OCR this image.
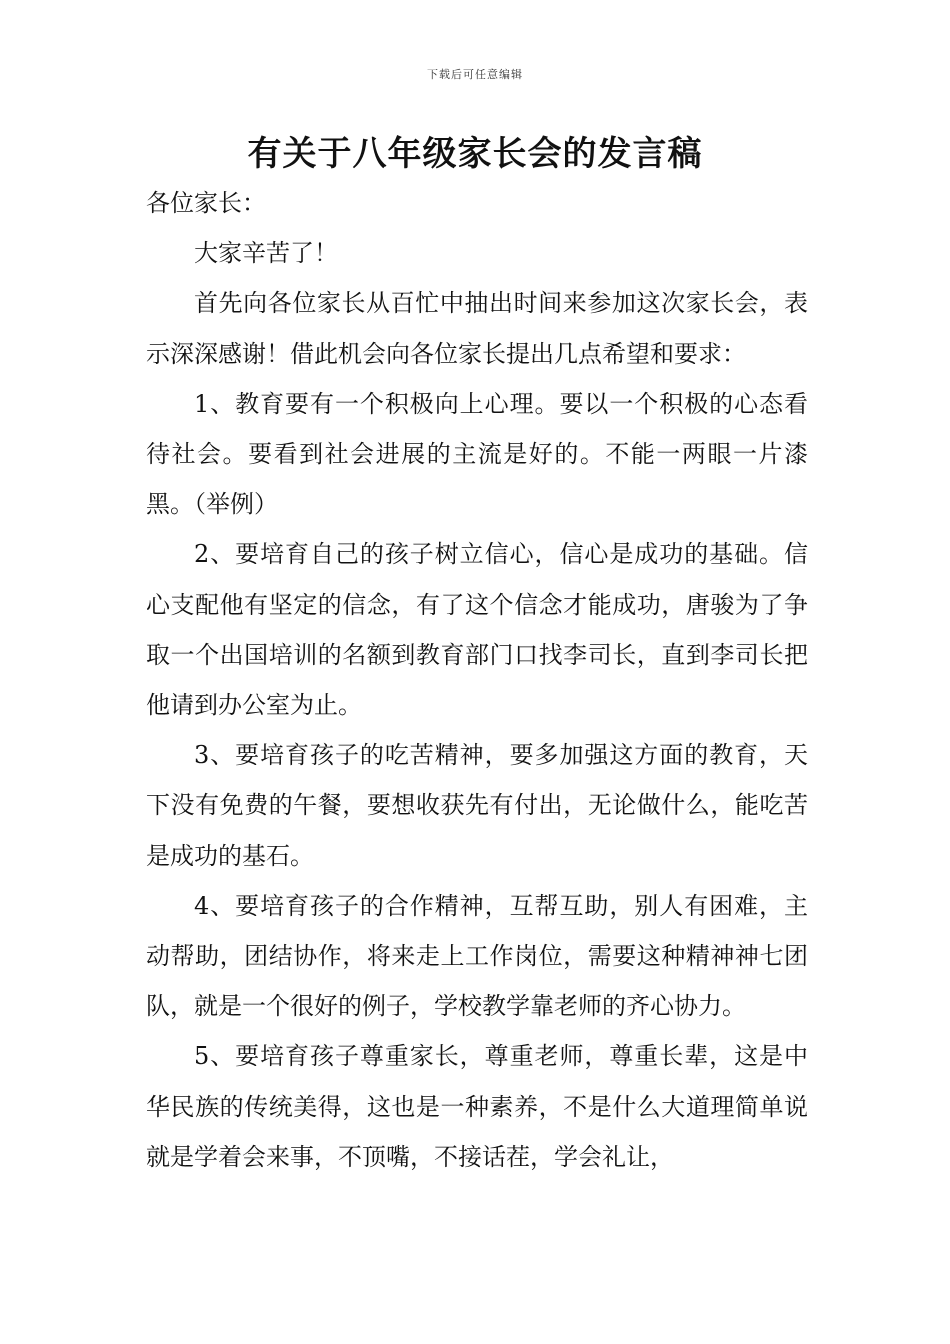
下载后可任意编辑
有关于八年级家长会的发言稿

各位家长：

大家辛苦了！

首先向各位家长从百忙中抽出时间来参加这次家长会，表示深深感谢！借此机会向各位家长提出几点希望和要求：

1、教育要有一个积极向上心理。要以一个积极的心态看待社会。要看到社会进展的主流是好的。不能一两眼一片漆黑。（举例）

2、要培育自己的孩子树立信心，信心是成功的基础。信心支配他有坚定的信念，有了这个信念才能成功，唐骏为了争取一个出国培训的名额到教育部门口找李司长，直到李司长把他请到办公室为止。

3、要培育孩子的吃苦精神，要多加强这方面的教育，天下没有免费的午餐，要想收获先有付出，无论做什么，能吃苦是成功的基石。

4、要培育孩子的合作精神，互帮互助，别人有困难，主动帮助，团结协作，将来走上工作岗位，需要这种精神神七团队，就是一个很好的例子，学校教学靠老师的齐心协力。

5、要培育孩子尊重家长，尊重老师，尊重长辈，这是中华民族的传统美得，这也是一种素养，不是什么大道理简单说就是学着会来事，不顶嘴，不接话茬，学会礼让，
